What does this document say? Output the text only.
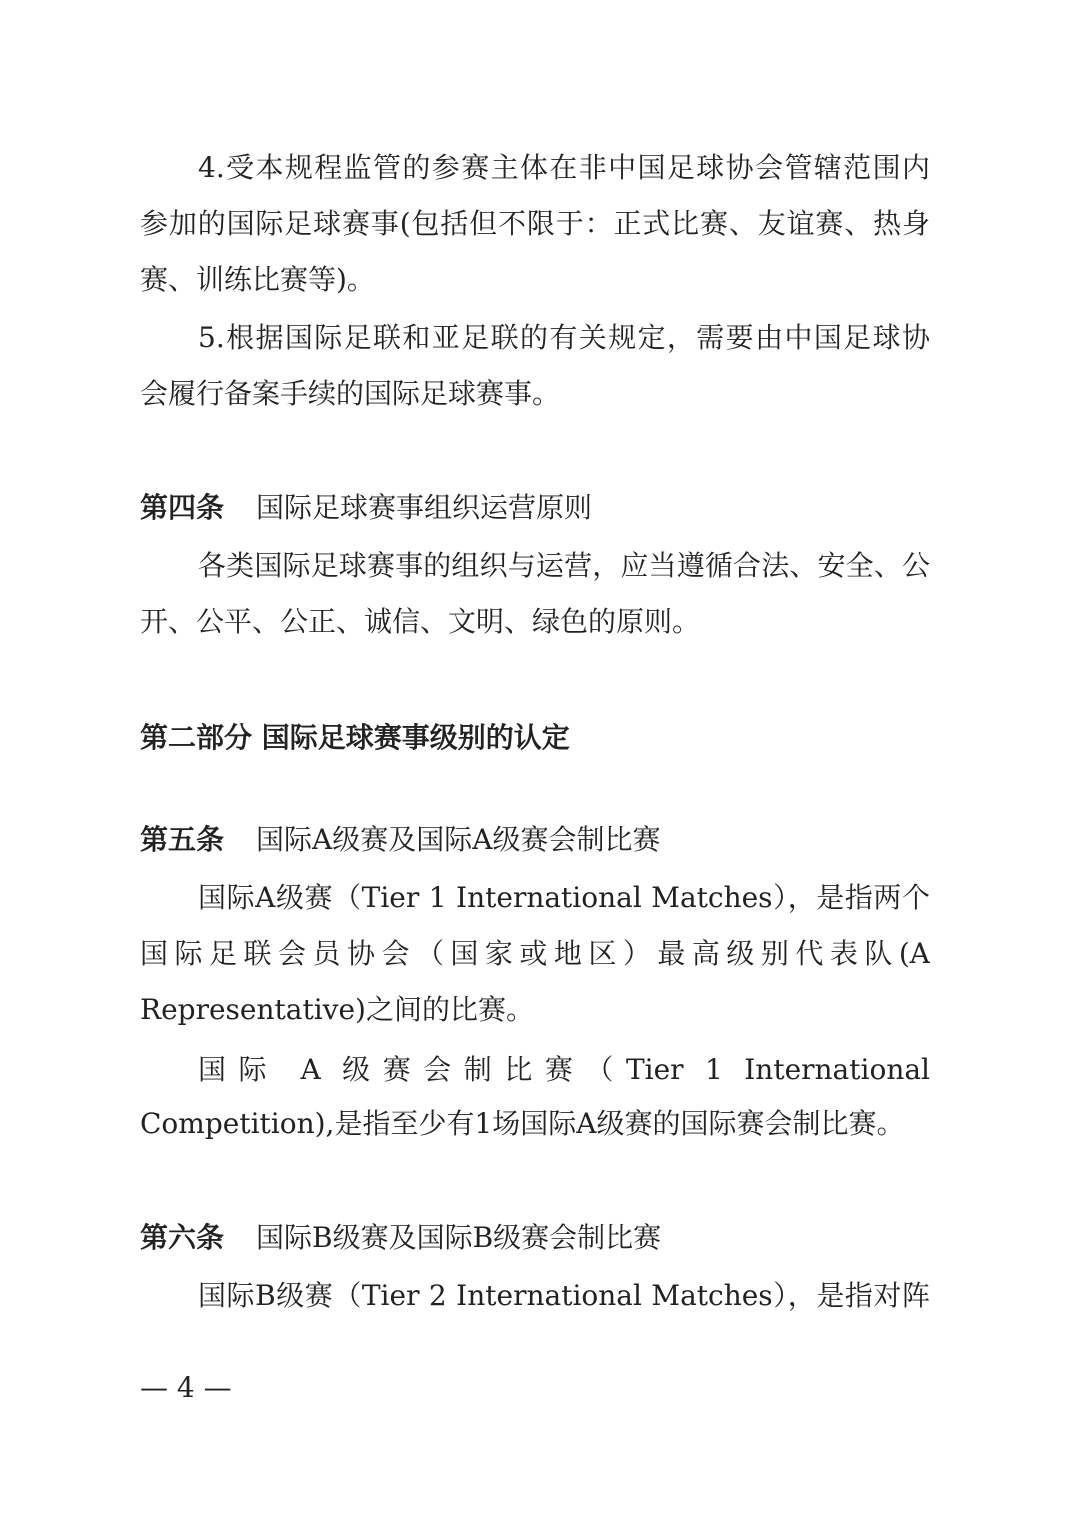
4.受本规程监管的参赛主体在非中国足球协会管辖范围内
参加的国际足球赛事(包括但不限于：正式比赛、友谊赛、热身
赛、训练比赛等)。
5.根据国际足联和亚足联的有关规定，需要由中国足球协
会履行备案手续的国际足球赛事。
第四条 国际足球赛事组织运营原则
各类国际足球赛事的组织与运营，应当遵循合法、安全、公
开、公平、公正、诚信、文明、绿色的原则。
第二部分 国际足球赛事级别的认定
第五条 国际A级赛及国际A级赛会制比赛
国际A级赛（Tier 1 International Matches），是指两个
国际足联会员协会（国家或地区）最高级别代表队(A
Representative)之间的比赛。
国际 A 级赛会制比赛（Tier 1 International
Competition),是指至少有1场国际A级赛的国际赛会制比赛。
第六条 国际B级赛及国际B级赛会制比赛
国际B级赛（Tier 2 International Matches），是指对阵
— 4 —
